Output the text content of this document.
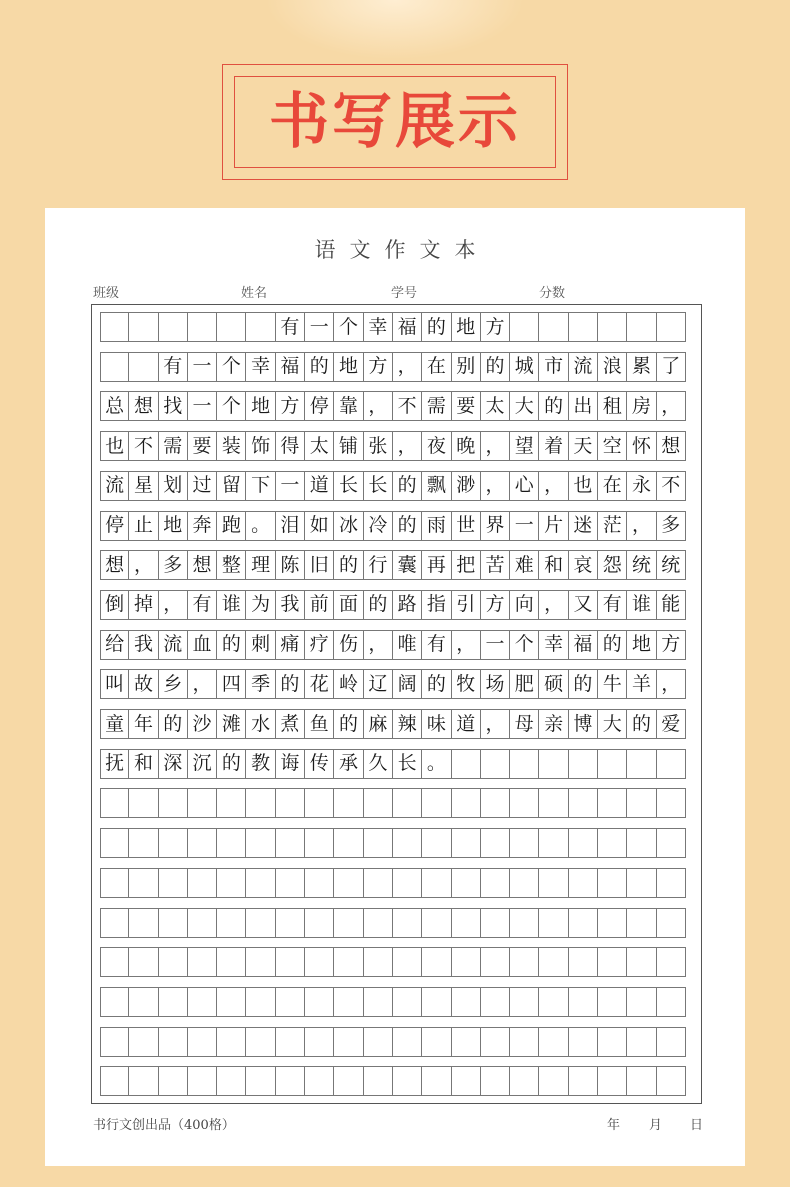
书写展示
语文作文本
班级	姓名	学号	分数
有 一 个 幸 福 的 地 方
有 一 个 幸 福 的 地 方 ， 在 别 的 城 市 流 浪 累 了
总 想 找 一 个 地 方 停 靠 ， 不 需 要 太 大 的 出 租 房 ，
也 不 需 要 装 饰 得 太 铺 张 ， 夜 晚 ， 望 着 天 空 怀 想
流 星 划 过 留 下 一 道 长 长 的 飘 渺 ， 心 ， 也 在 永 不
停 止 地 奔 跑 。 泪 如 冰 冷 的 雨 世 界 一 片 迷 茫 ， 多
想 ， 多 想 整 理 陈 旧 的 行 囊 再 把 苦 难 和 哀 怨 统 统
倒 掉 ， 有 谁 为 我 前 面 的 路 指 引 方 向 ， 又 有 谁 能
给 我 流 血 的 刺 痛 疗 伤 ， 唯 有 ， 一 个 幸 福 的 地 方
叫 故 乡 ， 四 季 的 花 岭 辽 阔 的 牧 场 肥 硕 的 牛 羊 ，
童 年 的 沙 滩 水 煮 鱼 的 麻 辣 味 道 ， 母 亲 博 大 的 爱
抚 和 深 沉 的 教 诲 传 承 久 长 。
书行文创出品（400格）	年 月 日
